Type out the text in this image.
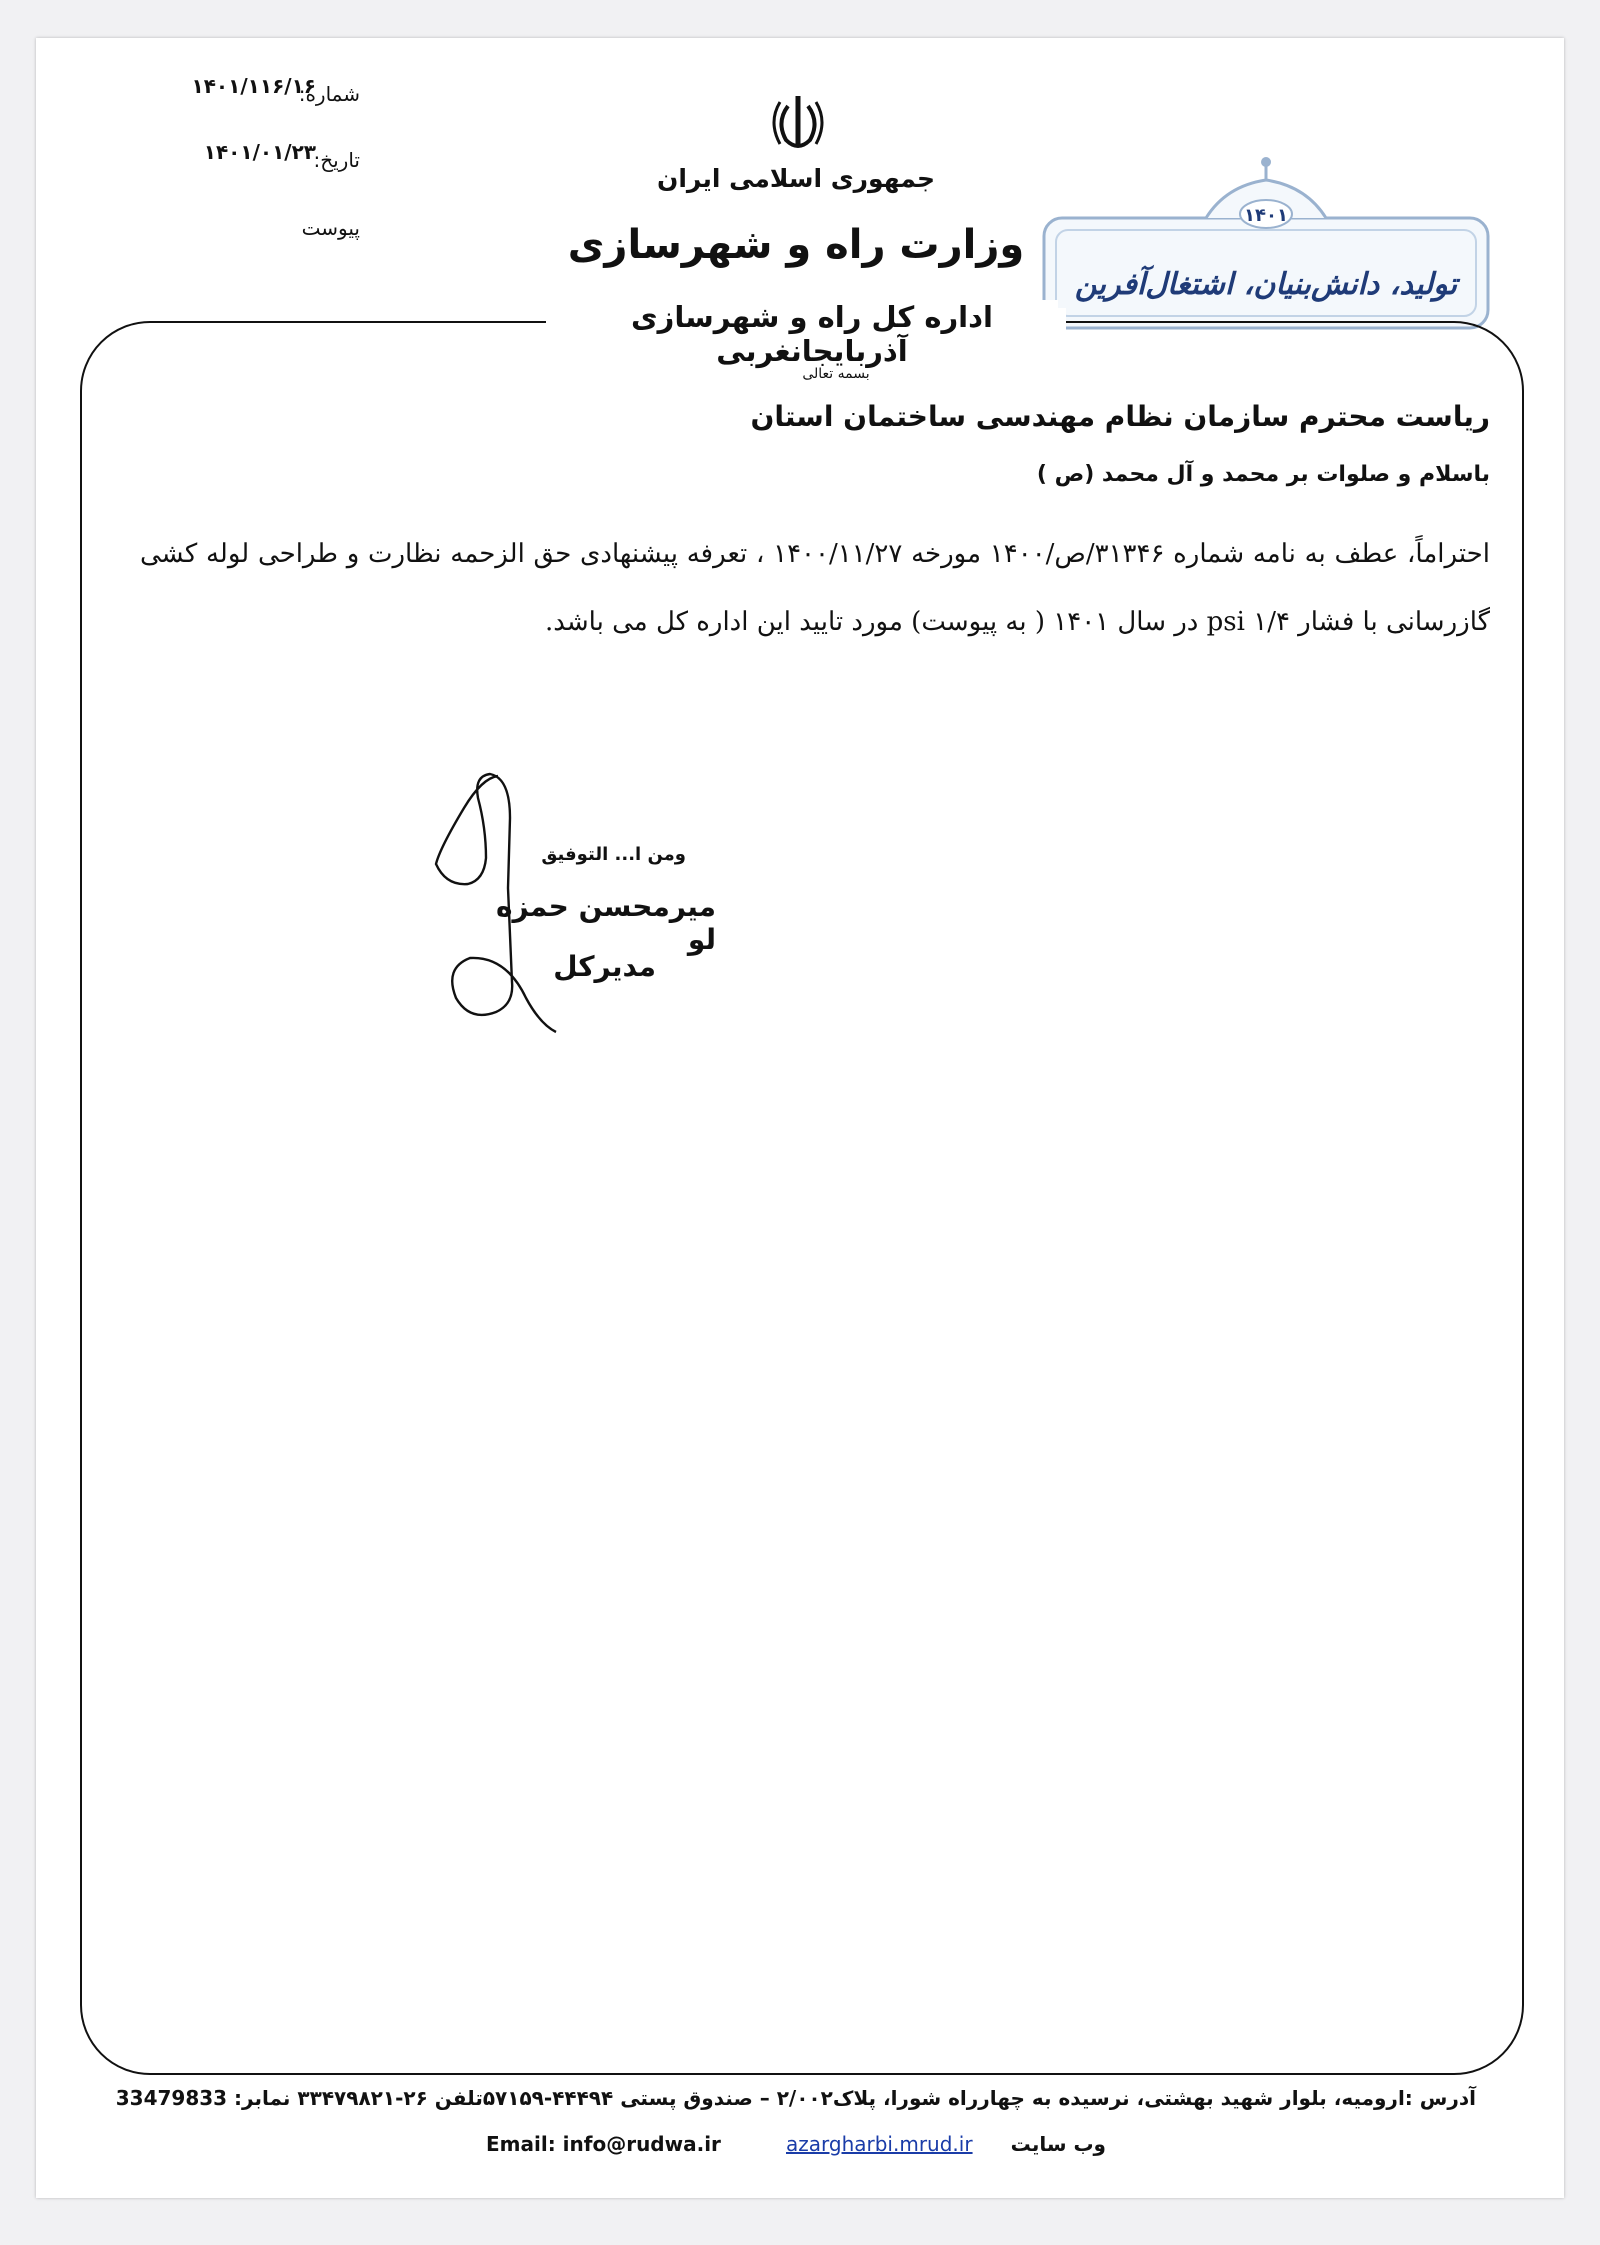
شماره:
۱۴۰۱/۱۱۶/۱۶
تاریخ:
۱۴۰۱/۰۱/۲۳
پیوست
جمهوری اسلامی ایران
وزارت راه و شهرسازی
۱۴۰۱
تولید، دانش‌بنیان، اشتغال‌آفرین
اداره کل راه و شهرسازی آذربایجانغربی
بسمه تعالی
ریاست محترم سازمان نظام مهندسی ساختمان استان
باسلام و صلوات بر محمد و آل محمد (ص )
احتراماً، عطف به نامه شماره ۳۱۳۴۶/ص/۱۴۰۰ مورخه ۱۴۰۰/۱۱/۲۷ ، تعرفه پیشنهادی حق الزحمه نظارت و طراحی لوله کشی گازرسانی با فشار psi ۱/۴ در سال ۱۴۰۱ ( به پیوست) مورد تایید این اداره کل می باشد.
ومن ا... التوفیق
میرمحسن حمزه لو
مدیرکل
آدرس :ارومیه، بلوار شهید بهشتی، نرسیده به چهارراه شورا، پلاک۲/۰۰۲ – صندوق پستی ۴۴۴۹۴-۵۷۱۵۹تلفن ۲۶-۳۳۴۷۹۸۲۱ نمابر: 33479833
Email: info@rudwa.ir	azargharbi.mrud.ir	وب سایت
